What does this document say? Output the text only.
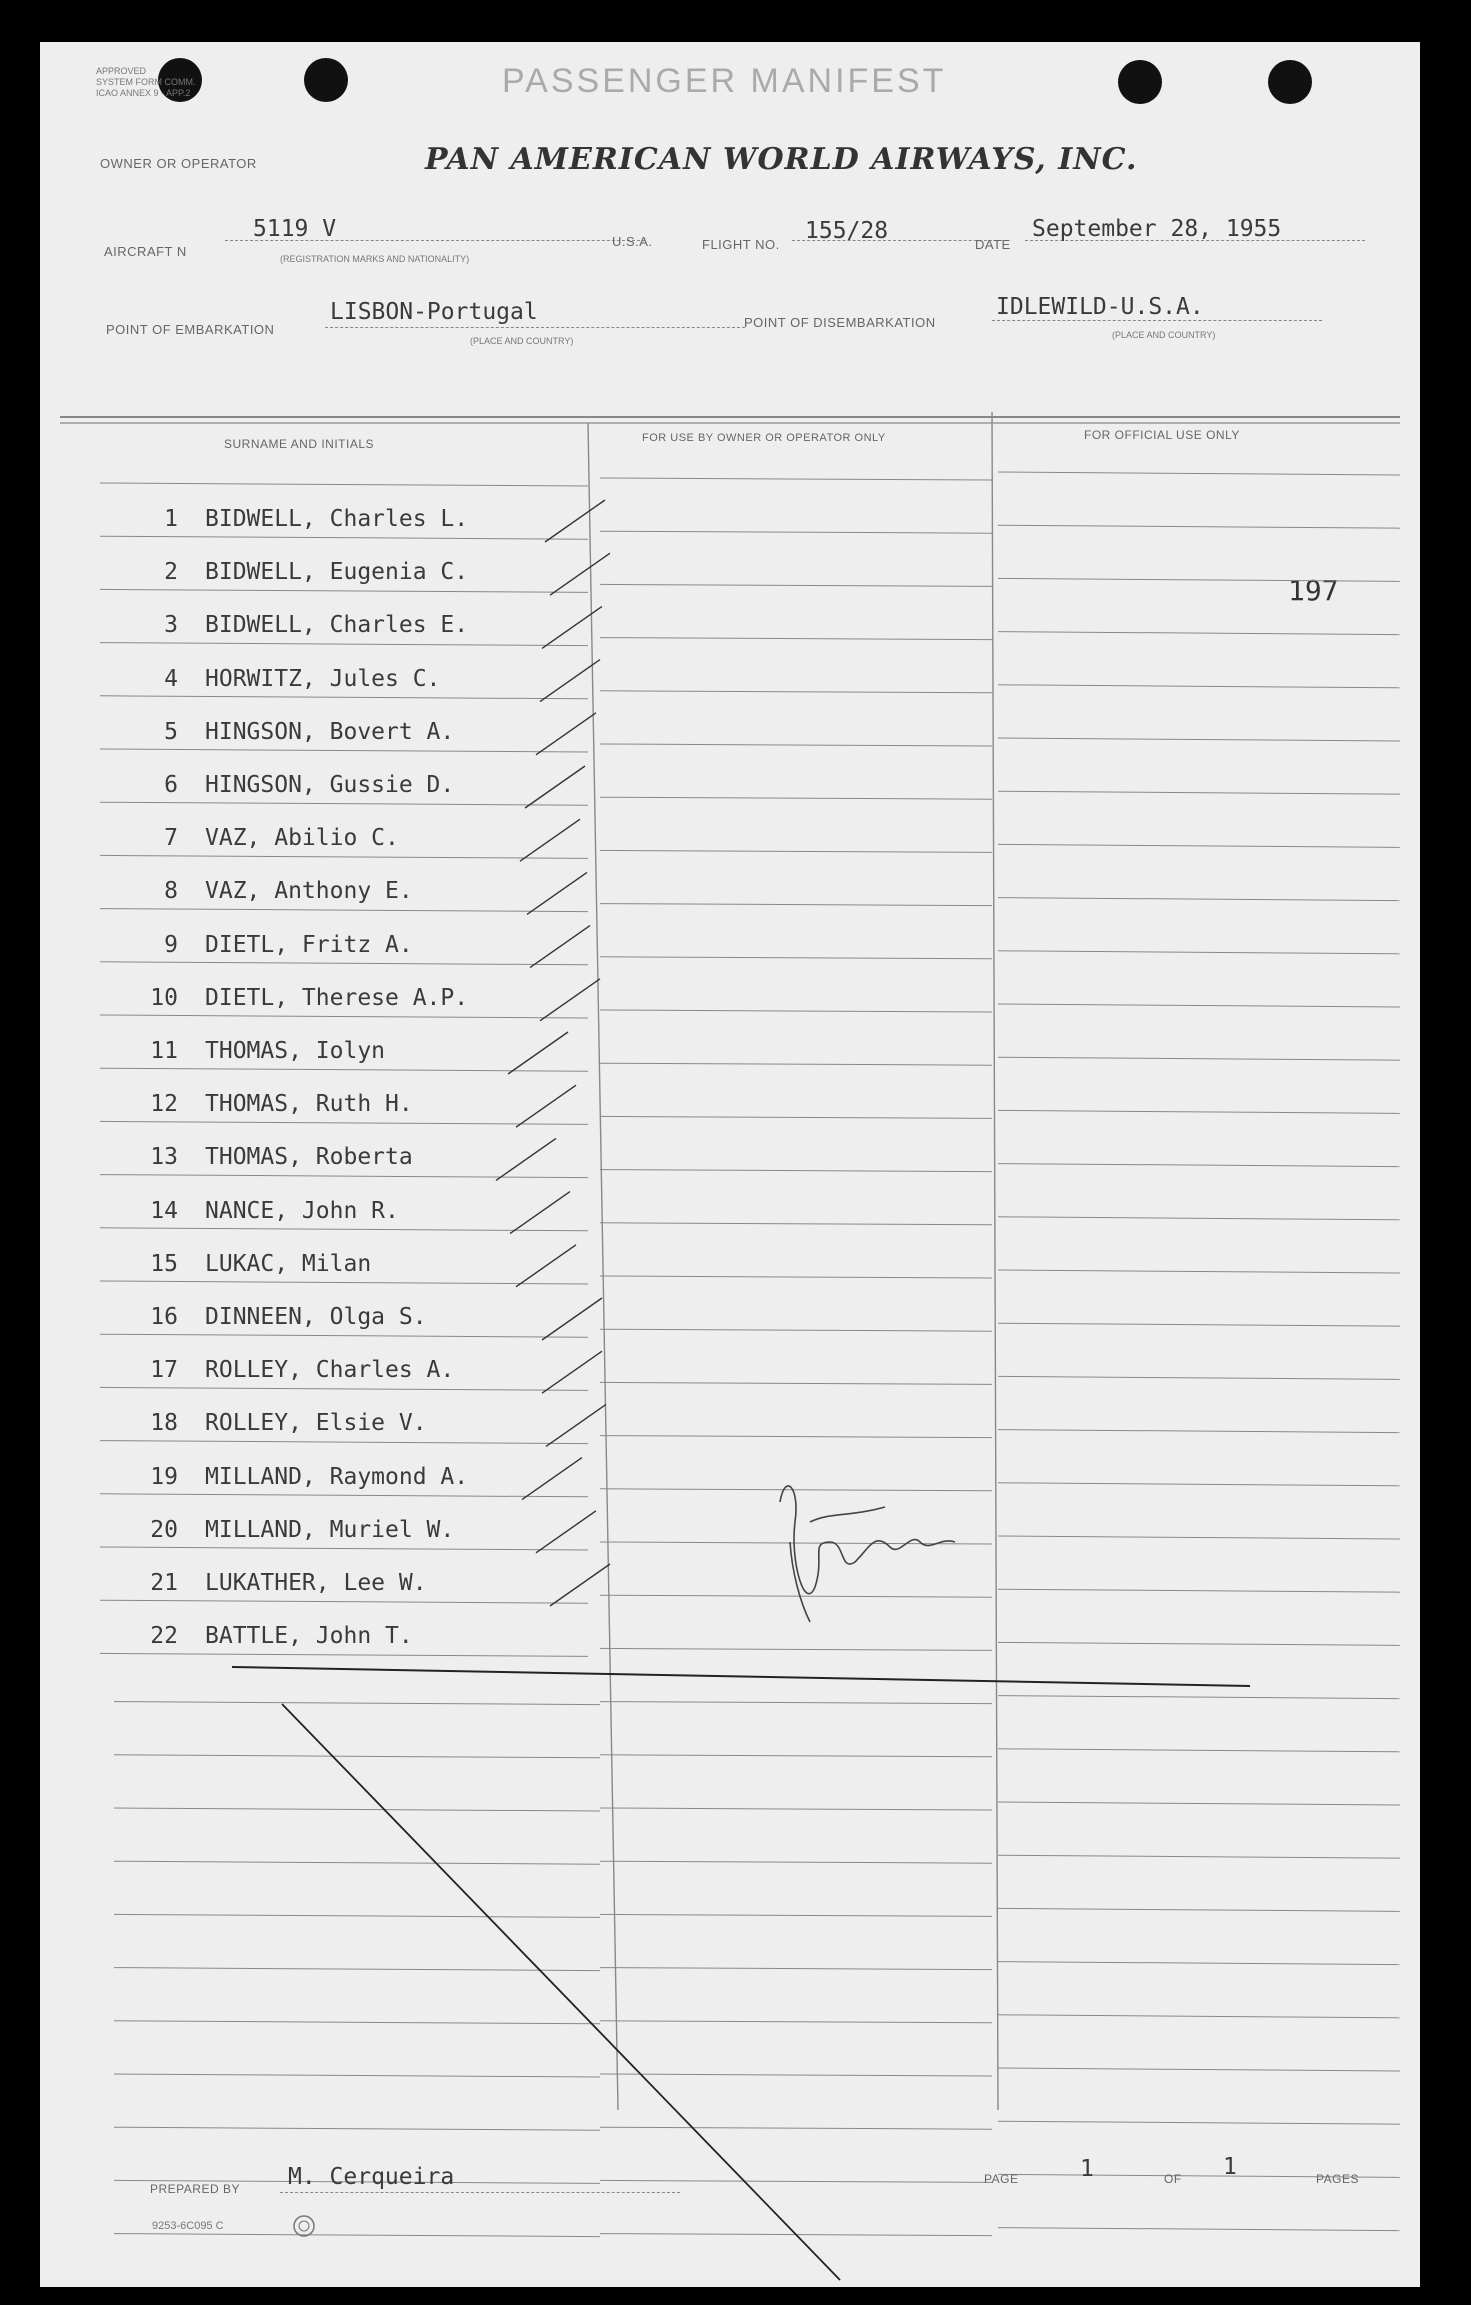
APPROVED
SYSTEM FORM COMM.
ICAO ANNEX 9 - APP.2	PASSENGER MANIFEST
OWNER OR OPERATOR	PAN AMERICAN WORLD AIRWAYS, INC.
AIRCRAFT N
5119 V
(REGISTRATION MARKS AND NATIONALITY)
U.S.A.	FLIGHT NO.
155/28
DATE
September 28, 1955
POINT OF EMBARKATION
LISBON-Portugal
(PLACE AND COUNTRY)
POINT OF DISEMBARKATION
IDLEWILD-U.S.A.
(PLACE AND COUNTRY)
SURNAME AND INITIALS	FOR USE BY OWNER OR OPERATOR ONLY	FOR OFFICIAL USE ONLY
197
1 BIDWELL, Charles L.
2 BIDWELL, Eugenia C.
3 BIDWELL, Charles E.
4 HORWITZ, Jules C.
5 HINGSON, Bovert A.
6 HINGSON, Gussie D.
7 VAZ, Abilio C.
8 VAZ, Anthony E.
9 DIETL, Fritz A.
10 DIETL, Therese A.P.
11 THOMAS, Iolyn
12 THOMAS, Ruth H.
13 THOMAS, Roberta
14 NANCE, John R.
15 LUKAC, Milan
16 DINNEEN, Olga S.
17 ROLLEY, Charles A.
18 ROLLEY, Elsie V.
19 MILLAND, Raymond A.
20 MILLAND, Muriel W.
21 LUKATHER, Lee W.
22 BATTLE, John T.
PREPARED BY M. Cerqueira	PAGE	1	OF 1	PAGES
9253-6C095 C
